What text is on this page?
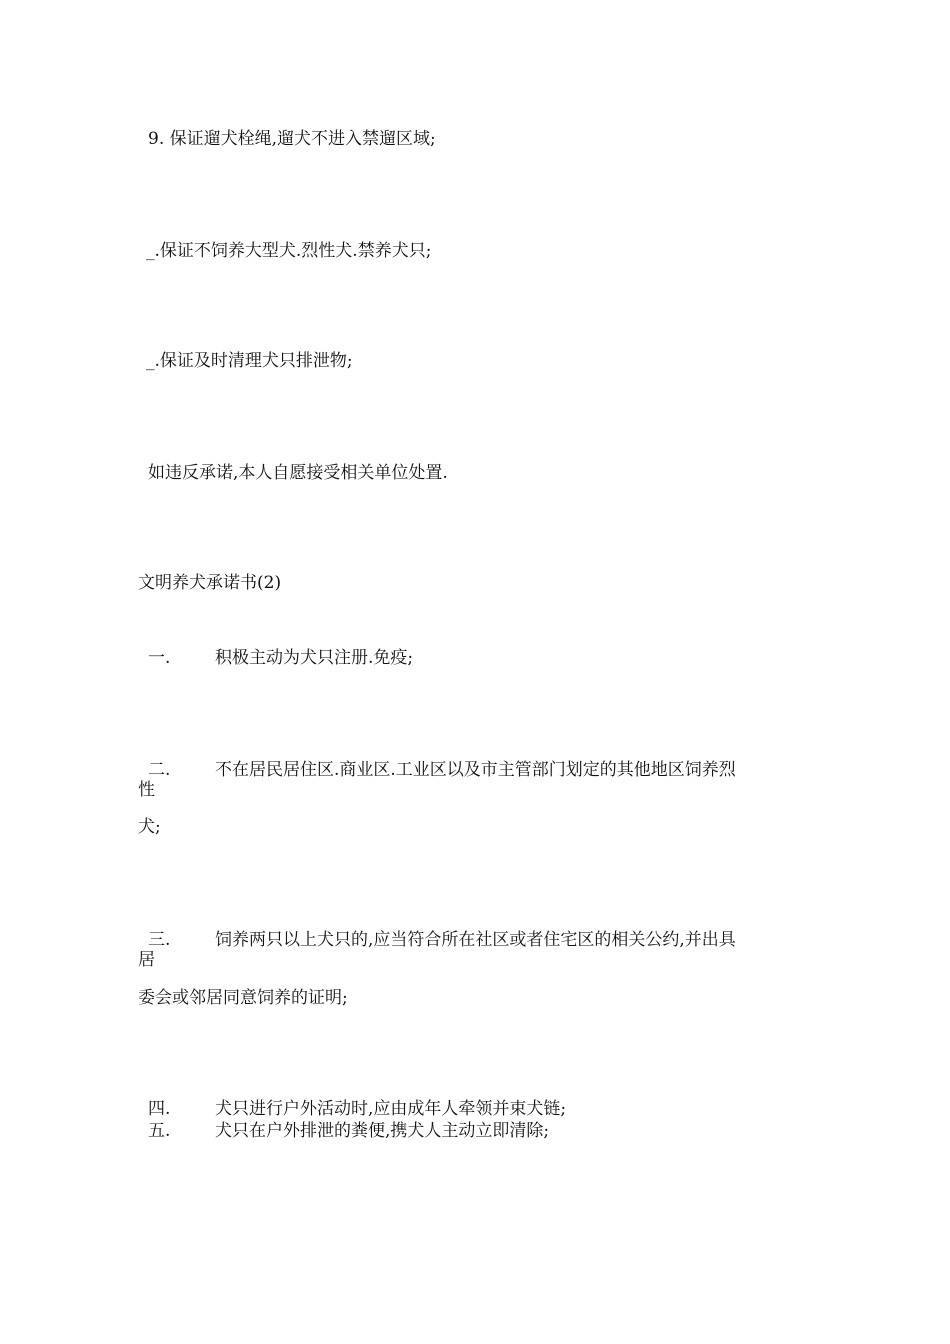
9. 保证遛犬栓绳,遛犬不进入禁遛区域;
_.保证不饲养大型犬.烈性犬.禁养犬只;
_.保证及时清理犬只排泄物;
如违反承诺,本人自愿接受相关单位处置.
文明养犬承诺书(2)
一.	积极主动为犬只注册.免疫;
二.	不在居民居住区.商业区.工业区以及市主管部门划定的其他地区饲养烈
性
犬;
三.	饲养两只以上犬只的,应当符合所在社区或者住宅区的相关公约,并出具
居
委会或邻居同意饲养的证明;
四.	犬只进行户外活动时,应由成年人牵领并束犬链;
五.	犬只在户外排泄的粪便,携犬人主动立即清除;
